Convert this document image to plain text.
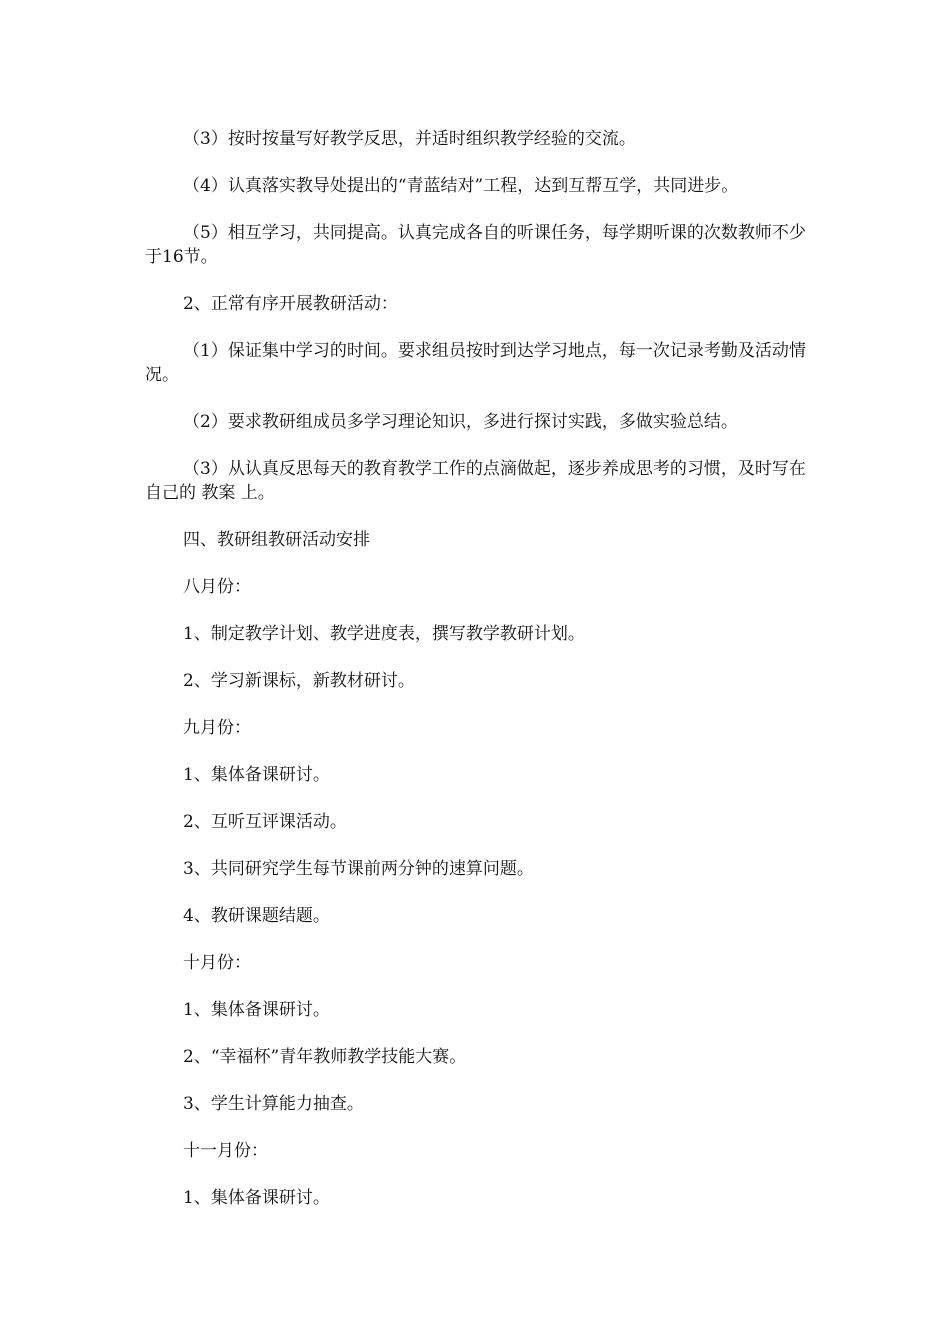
（3）按时按量写好教学反思，并适时组织教学经验的交流。

（4）认真落实教导处提出的“青蓝结对”工程，达到互帮互学，共同进步。

（5）相互学习，共同提高。认真完成各自的听课任务，每学期听课的次数教师不少于16节。

2、正常有序开展教研活动：

（1）保证集中学习的时间。要求组员按时到达学习地点，每一次记录考勤及活动情况。

（2）要求教研组成员多学习理论知识，多进行探讨实践，多做实验总结。

（3）从认真反思每天的教育教学工作的点滴做起，逐步养成思考的习惯，及时写在自己的 教案 上。

四、教研组教研活动安排

八月份：

1、制定教学计划、教学进度表，撰写教学教研计划。

2、学习新课标，新教材研讨。

九月份：

1、集体备课研讨。

2、互听互评课活动。

3、共同研究学生每节课前两分钟的速算问题。

4、教研课题结题。

十月份：

1、集体备课研讨。

2、“幸福杯”青年教师教学技能大赛。

3、学生计算能力抽查。

十一月份：

1、集体备课研讨。
